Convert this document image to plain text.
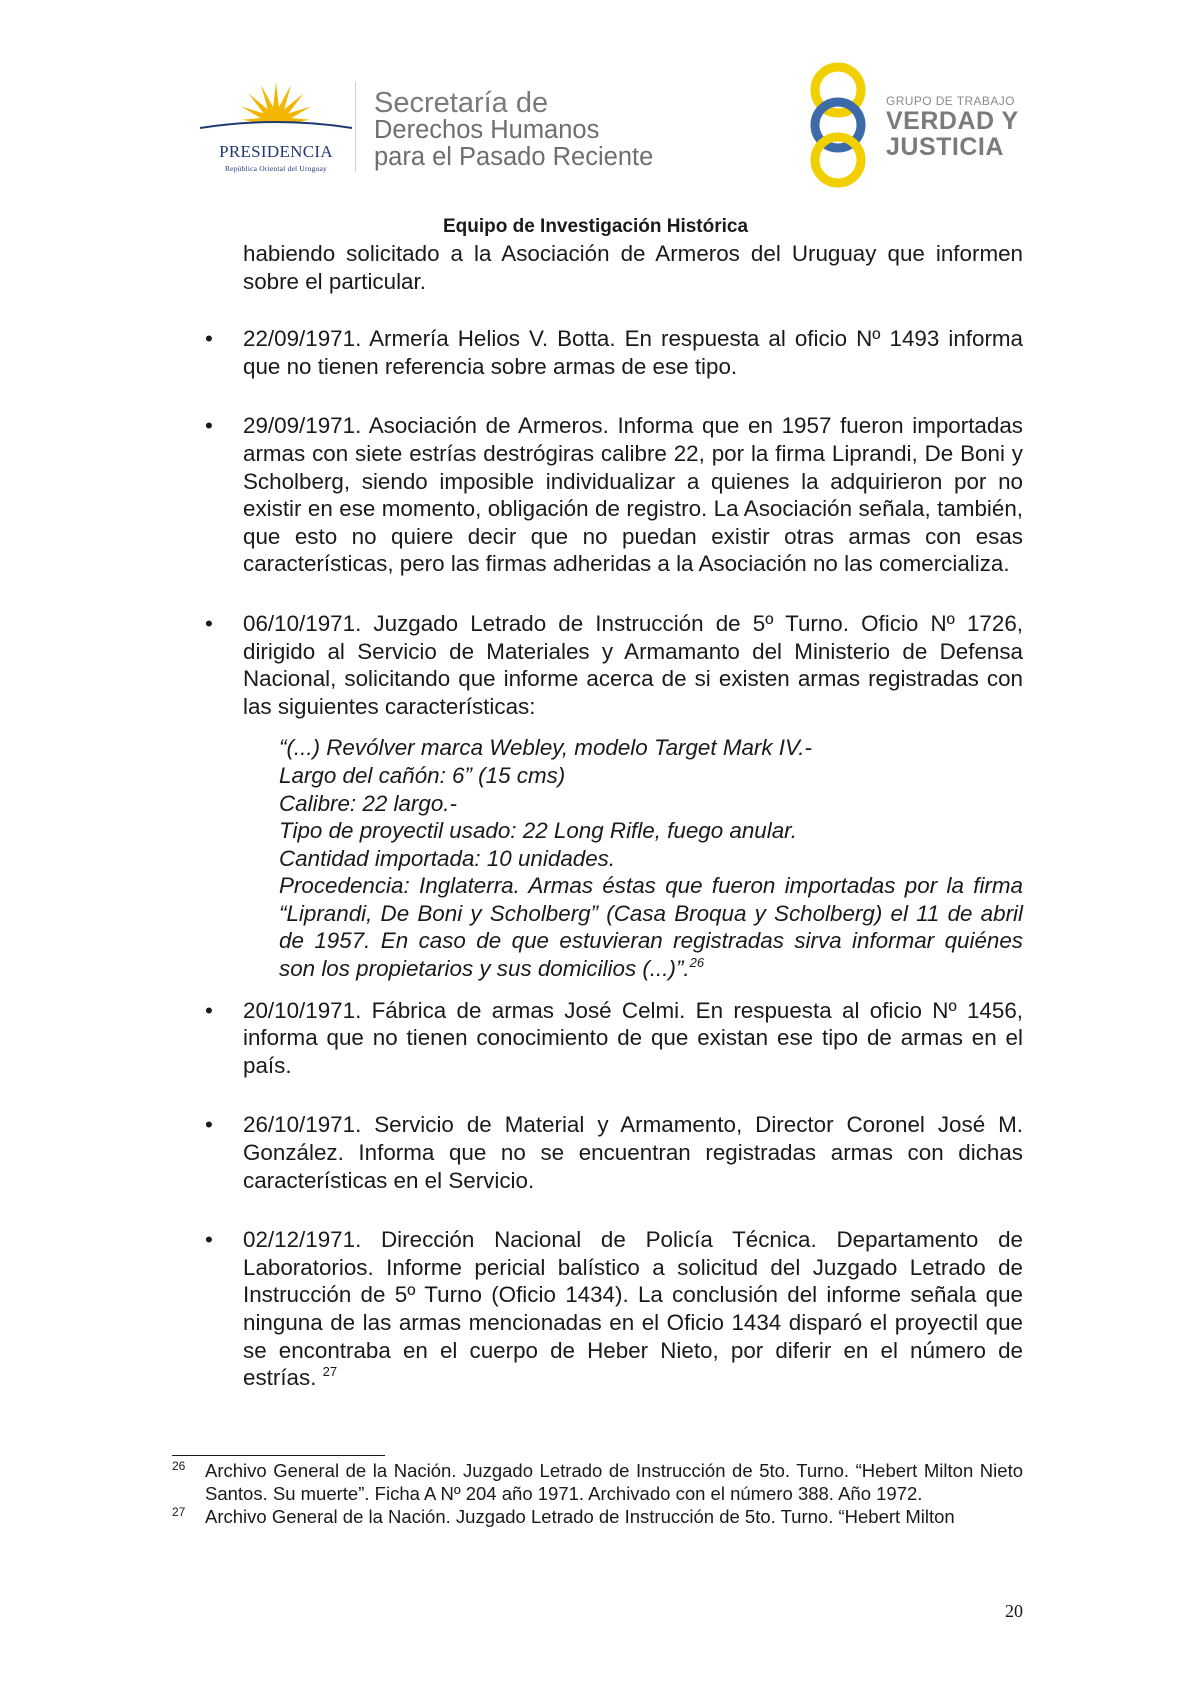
PRESIDENCIA
República Oriental del Uruguay
Secretaría de
Derechos Humanos
para el Pasado Reciente
GRUPO DE TRABAJO
VERDAD Y
JUSTICIA
Equipo de Investigación Histórica

habiendo solicitado a la Asociación de Armeros del Uruguay que informen sobre el particular.

• 22/09/1971. Armería Helios V. Botta. En respuesta al oficio Nº 1493 informa que no tienen referencia sobre armas de ese tipo.
• 29/09/1971. Asociación de Armeros. Informa que en 1957 fueron importadas armas con siete estrías destrógiras calibre 22, por la firma Liprandi, De Boni y Scholberg, siendo imposible individualizar a quienes la adquirieron por no existir en ese momento, obligación de registro. La Asociación señala, también, que esto no quiere decir que no puedan existir otras armas con esas características, pero las firmas adheridas a la Asociación no las comercializa.
• 06/10/1971. Juzgado Letrado de Instrucción de 5º Turno. Oficio Nº 1726, dirigido al Servicio de Materiales y Armamanto del Ministerio de Defensa Nacional, solicitando que informe acerca de si existen armas registradas con las siguientes características:
“(...) Revólver marca Webley, modelo Target Mark IV.-
Largo del cañón: 6” (15 cms)
Calibre: 22 largo.-
Tipo de proyectil usado: 22 Long Rifle, fuego anular.
Cantidad importada: 10 unidades.
Procedencia: Inglaterra. Armas éstas que fueron importadas por la firma “Liprandi, De Boni y Scholberg” (Casa Broqua y Scholberg) el 11 de abril de 1957. En caso de que estuvieran registradas sirva informar quiénes son los propietarios y sus domicilios (...)”.$^{26}$
• 20/10/1971. Fábrica de armas José Celmi. En respuesta al oficio Nº 1456, informa que no tienen conocimiento de que existan ese tipo de armas en el país.
• 26/10/1971. Servicio de Material y Armamento, Director Coronel José M. González. Informa que no se encuentran registradas armas con dichas características en el Servicio.
• 02/12/1971. Dirección Nacional de Policía Técnica. Departamento de Laboratorios. Informe pericial balístico a solicitud del Juzgado Letrado de Instrucción de 5º Turno (Oficio 1434). La conclusión del informe señala que ninguna de las armas mencionadas en el Oficio 1434 disparó el proyectil que se encontraba en el cuerpo de Heber Nieto, por diferir en el número de estrías. $^{27}$
26 Archivo General de la Nación. Juzgado Letrado de Instrucción de 5to. Turno. “Hebert Milton Nieto Santos. Su muerte”. Ficha A Nº 204 año 1971. Archivado con el número 388. Año 1972.
27 Archivo General de la Nación. Juzgado Letrado de Instrucción de 5to. Turno. “Hebert Milton
20
